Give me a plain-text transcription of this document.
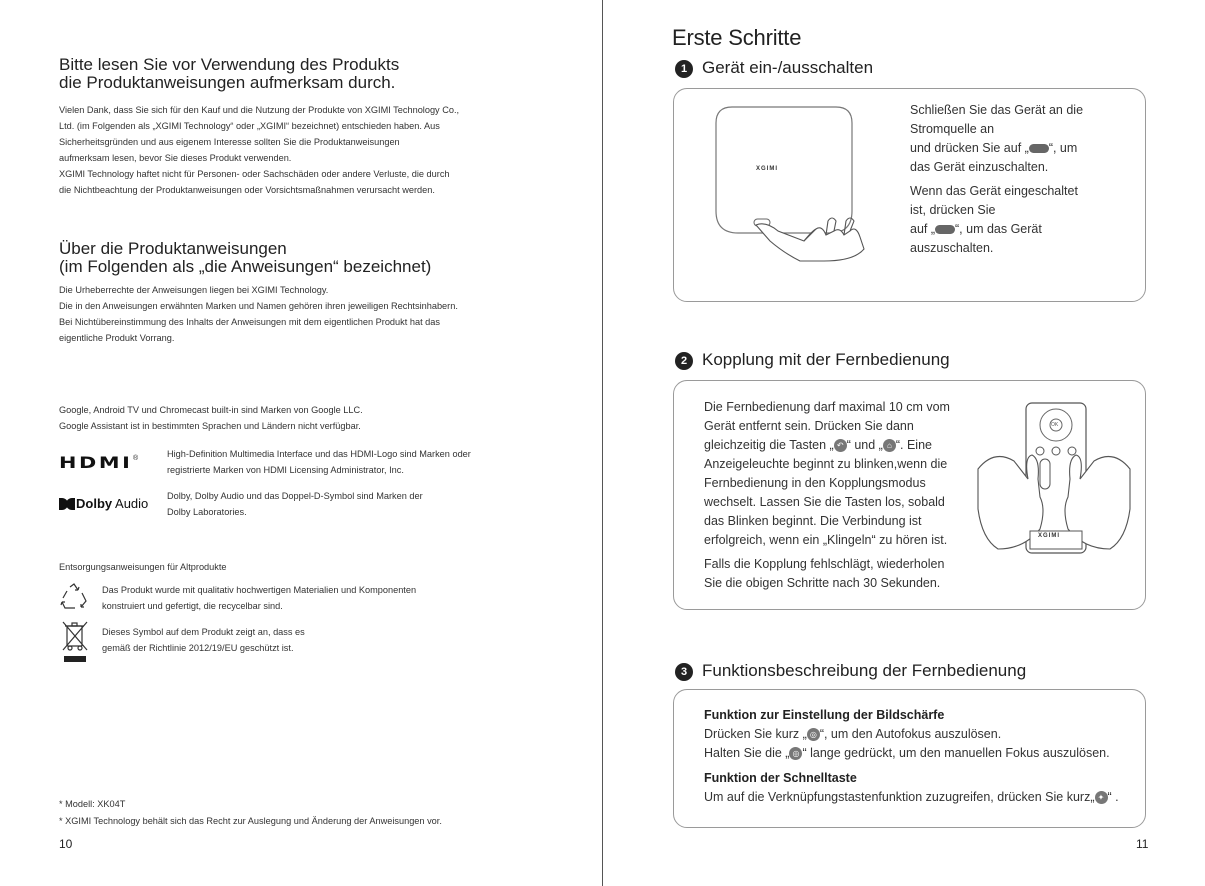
Bitte lesen Sie vor Verwendung des Produkts
die Produktanweisungen aufmerksam durch.
Vielen Dank, dass Sie sich für den Kauf und die Nutzung der Produkte von XGIMI Technology Co.,
Ltd. (im Folgenden als „XGIMI Technology“ oder „XGIMI“ bezeichnet) entschieden haben. Aus
Sicherheitsgründen und aus eigenem Interesse sollten Sie die Produktanweisungen
aufmerksam lesen, bevor Sie dieses Produkt verwenden.
XGIMI Technology haftet nicht für Personen- oder Sachschäden oder andere Verluste, die durch
die Nichtbeachtung der Produktanweisungen oder Vorsichtsmaßnahmen verursacht werden.
Über die Produktanweisungen
(im Folgenden als „die Anweisungen“ bezeichnet)
Die Urheberrechte der Anweisungen liegen bei XGIMI Technology.
Die in den Anweisungen erwähnten Marken und Namen gehören ihren jeweiligen Rechtsinhabern.
Bei Nichtübereinstimmung des Inhalts der Anweisungen mit dem eigentlichen Produkt hat das
eigentliche Produkt Vorrang.
Google, Android TV und Chromecast built-in sind Marken von Google LLC.
Google Assistant ist in bestimmten Sprachen und Ländern nicht verfügbar.
HDMI ®	High-Definition Multimedia Interface und das HDMI-Logo sind Marken oder
registrierte Marken von HDMI Licensing Administrator, Inc.
Dolby Audio Dolby, Dolby Audio und das Doppel-D-Symbol sind Marken der
Dolby Laboratories.
Entsorgungsanweisungen für Altprodukte
Das Produkt wurde mit qualitativ hochwertigen Materialien und Komponenten
konstruiert und gefertigt, die recycelbar sind.
Dieses Symbol auf dem Produkt zeigt an, dass es
gemäß der Richtlinie 2012/19/EU geschützt ist.
* Modell: XK04T
* XGIMI Technology behält sich das Recht zur Auslegung und Änderung der Anweisungen vor.
10
Erste Schritte
1 Gerät ein-/ausschalten
XGIMI
Schließen Sie das Gerät an die
Stromquelle an
und drücken Sie auf „ “, um
das Gerät einzuschalten.
Wenn das Gerät eingeschaltet
ist, drücken Sie
auf „ “, um das Gerät
auszuschalten.
2 Kopplung mit der Fernbedienung
Die Fernbedienung darf maximal 10 cm vom
Gerät entfernt sein. Drücken Sie dann
gleichzeitig die Tasten „ ↶ “ und „ ⌂ “. Eine
Anzeigeleuchte beginnt zu blinken,wenn die
Fernbedienung in den Kopplungsmodus
wechselt. Lassen Sie die Tasten los, sobald
das Blinken beginnt. Die Verbindung ist
erfolgreich, wenn ein „Klingeln“ zu hören ist.
Falls die Kopplung fehlschlägt, wiederholen
Sie die obigen Schritte nach 30 Sekunden.
XGIMI
OK
3 Funktionsbeschreibung der Fernbedienung
Funktion zur Einstellung der Bildschärfe
Drücken Sie kurz „ ◎ “, um den Autofokus auszulösen.
Halten Sie die „ ◎ “ lange gedrückt, um den manuellen Fokus auszulösen.
Funktion der Schnelltaste
Um auf die Verknüpfungstastenfunktion zuzugreifen, drücken Sie kurz„ ✦ “ .
11
